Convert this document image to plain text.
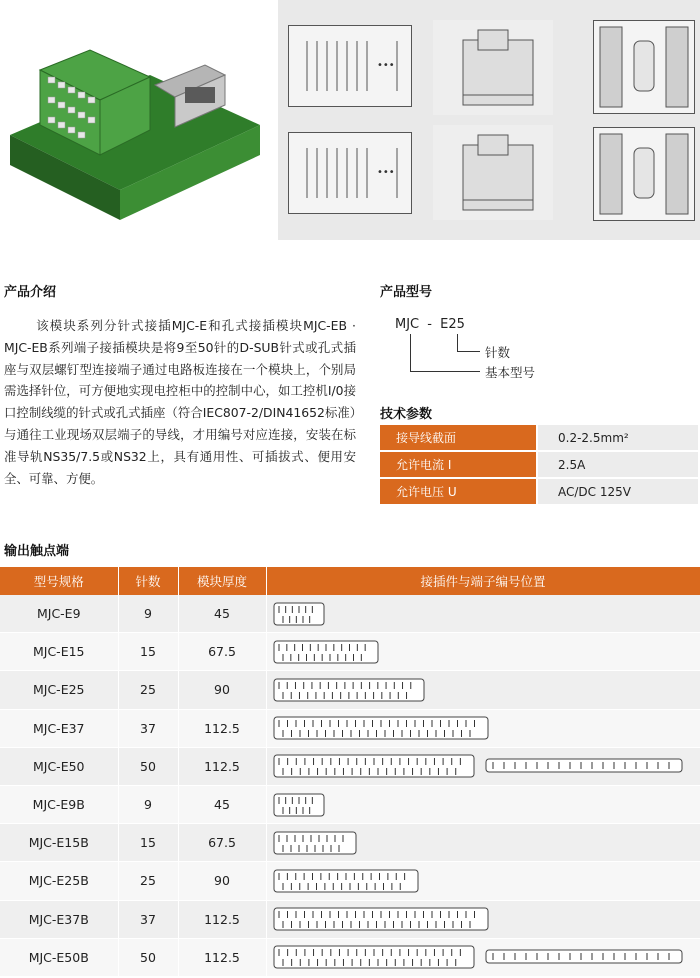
•••
•••
产品介绍

该模块系列分针式接插MJC-E和孔式接插模块MJC-EB · MJC-EB系列端子接插模块是将9至50针的D-SUB针式或孔式插座与双层螺钉型连接端子通过电路板连接在一个模块上，个别局需选择针位，可方便地实现电控柜中的控制中心，如工控机I/0接口控制线缆的针式或孔式插座（符合IEC807-2/DIN41652标准）与通往工业现场双层端子的导线，才用编号对应连接，安装在标准导轨NS35/7.5或NS32上，具有通用性、可插拔式、便用安全、可靠、方便。

产品型号
MJC - E25
针数
基本型号
技术参数
接导线截面	0.2-2.5mm²
允许电流 I	2.5A
允许电压 U	AC/DC 125V
输出触点端
型号规格	针数	模块厚度	接插件与端子编号位置
MJC-E9	9	45	
MJC-E15	15	67.5	
MJC-E25	25	90	
MJC-E37	37	112.5	
MJC-E50	50	112.5	
MJC-E9B	9	45	
MJC-E15B	15	67.5	
MJC-E25B	25	90	
MJC-E37B	37	112.5	
MJC-E50B	50	112.5	
